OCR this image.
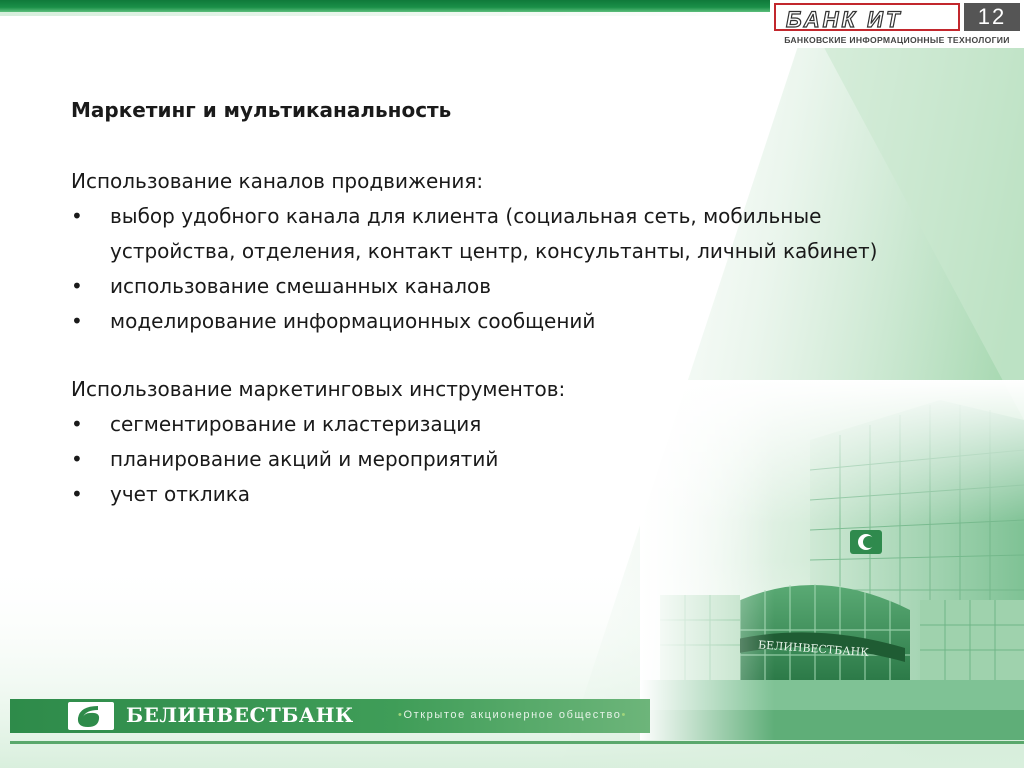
БАНК ИТ	12
БАНКОВСКИЕ ИНФОРМАЦИОННЫЕ ТЕХНОЛОГИИ

Маркетинг и мультиканальность

Использование каналов продвижения:

• выбор удобного канала для клиента (социальная сеть, мобильные устройства, отделения, контакт центр, консультанты, личный кабинет)
• использование смешанных каналов
• моделирование информационных сообщений

Использование маркетинговых инструментов:

• сегментирование и кластеризация
• планирование акций и мероприятий
• учет отклика
БЕЛИНВЕСТБАНК	•Открытое акционерное общество•
